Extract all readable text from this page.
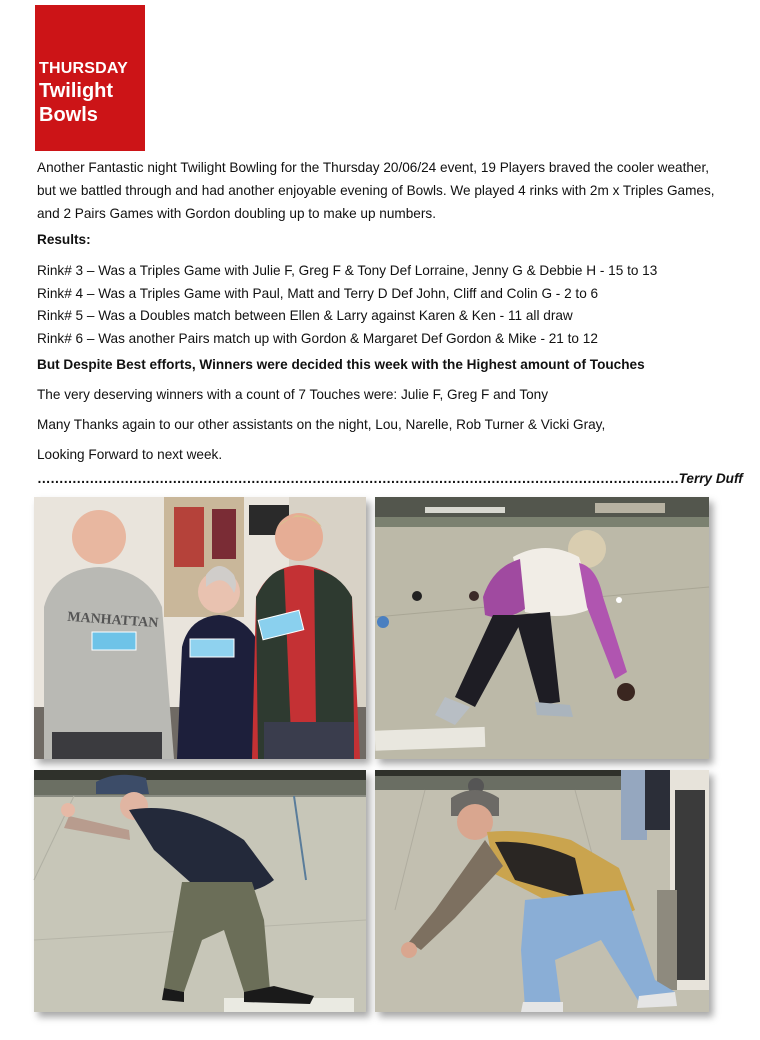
THURSDAY
Twilight
Bowls

Another Fantastic night Twilight Bowling for the Thursday 20/06/24 event, 19 Players braved the cooler weather, but we battled through and had another enjoyable evening of Bowls. We played 4 rinks with 2m x Triples Games, and 2 Pairs Games with Gordon doubling up to make up numbers.

Results:

Rink# 3 – Was a Triples Game with Julie F, Greg F & Tony Def Lorraine, Jenny G & Debbie H - 15 to 13

Rink# 4 – Was a Triples Game with Paul, Matt and Terry D Def John, Cliff and Colin G - 2 to 6

Rink# 5 – Was a Doubles match between Ellen & Larry against Karen & Ken - 11 all draw

Rink# 6 – Was another Pairs match up with Gordon & Margaret Def Gordon & Mike - 21 to 12

But Despite Best efforts, Winners were decided this week with the Highest amount of Touches

The very deserving winners with a count of 7 Touches were: Julie F, Greg F and Tony

Many Thanks again to our other assistants on the night, Lou, Narelle, Rob Turner & Vicki Gray,

Looking Forward to next week.

…………………………………………………………………………………………………………………………………Terry Duff
MANHATTAN
